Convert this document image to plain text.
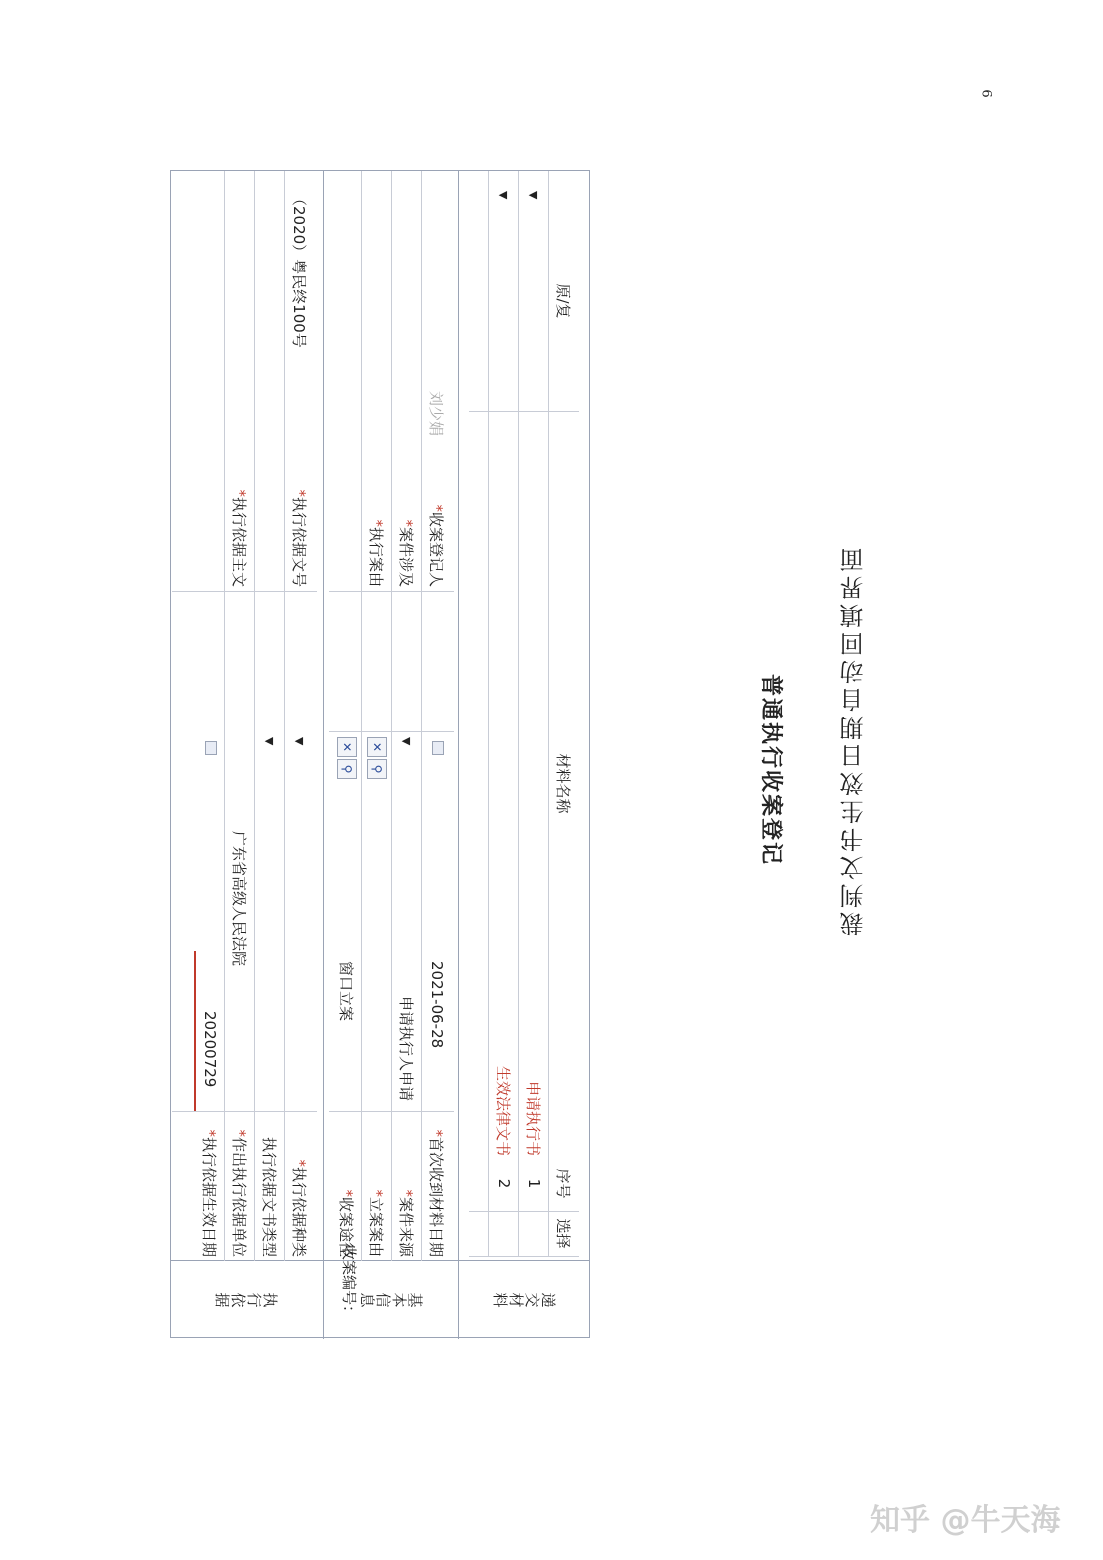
6
普通执行收案登记
收案编号：	递交材料
选择
序号
材料名称
原/复
1
申请执行书
▼
2
生效法律文书
▼
基本信息
*
首次收到材料日期
2021-06-28
*
收案登记人
刘少娟
*
案件来源
申请执行人申请
▼
*
案件涉及
*
立案案由
⚲
✕
*
执行案由
*
收案途径
窗口立案
⚲
✕
执行依据
*
执行依据种类
▼
*
执行依据文号
（2020）粤民终100号
执行依据文书类型
▼
*
执行依据主文
*
作出执行依据单位
广东省高级人民法院
*
执行依据生效日期
20200729
裁判文书生效日期自动回填界面
知乎 @牛天海
